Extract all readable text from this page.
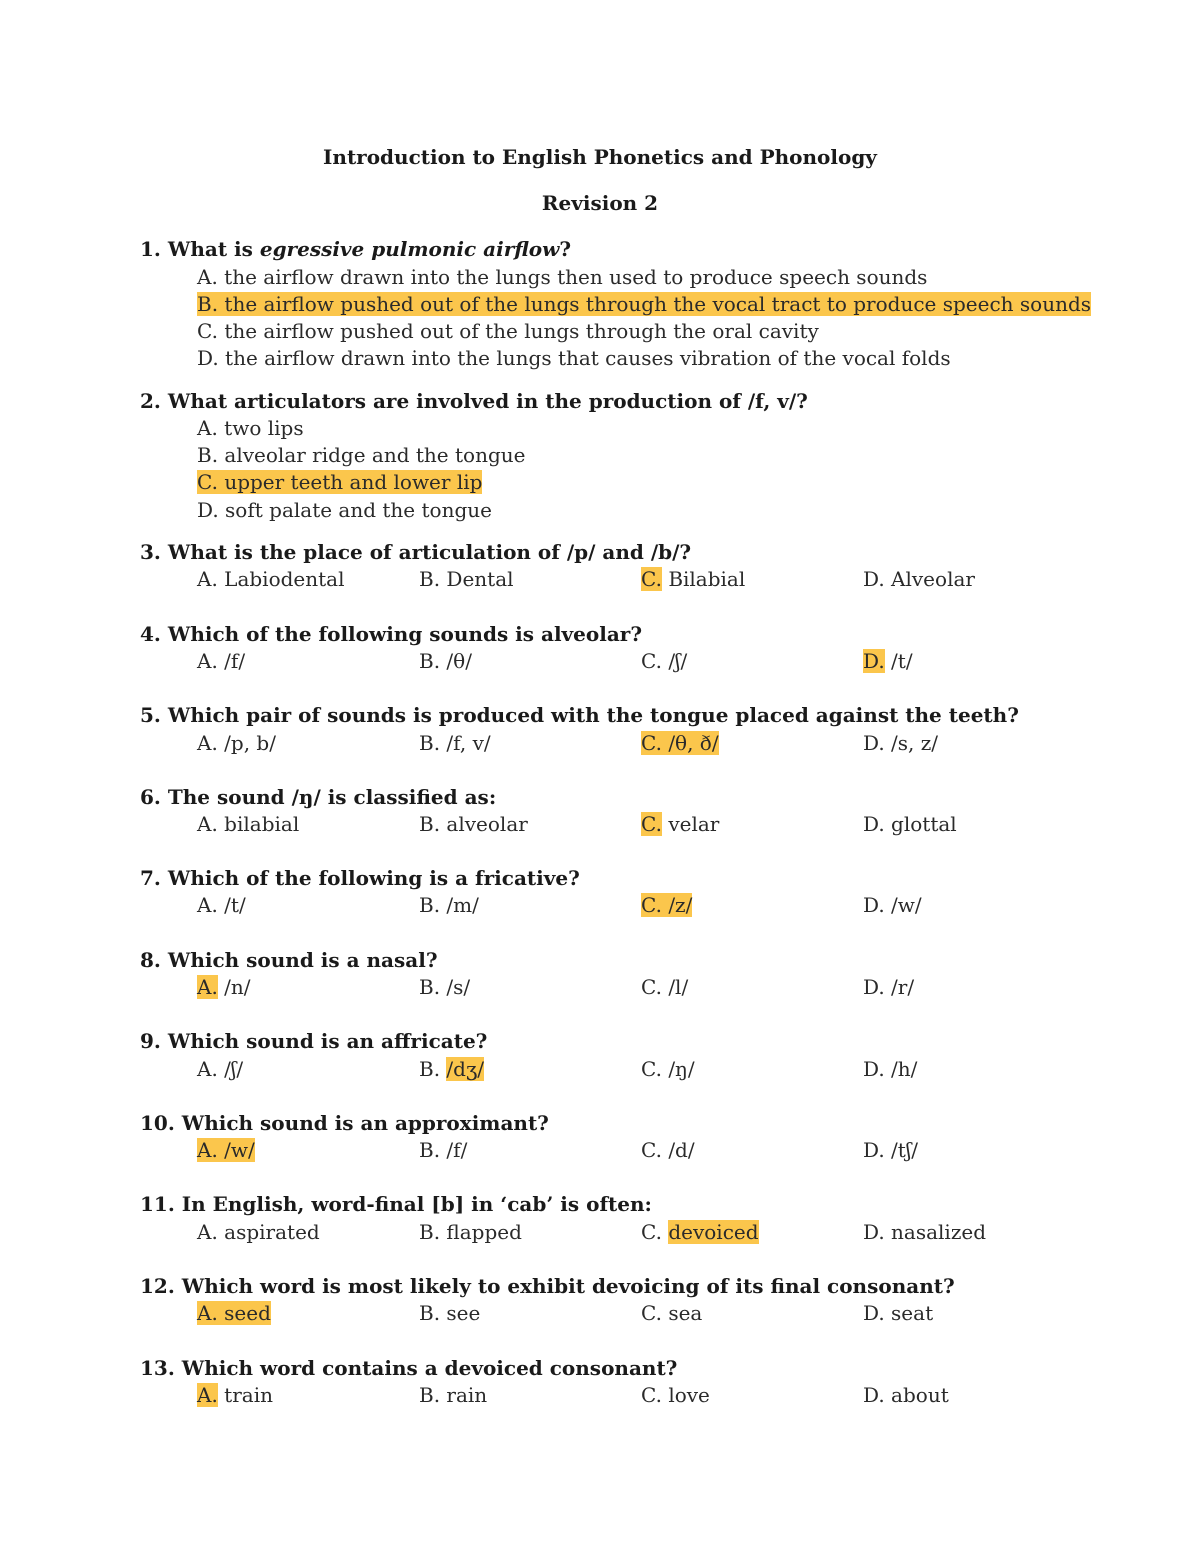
Introduction to English Phonetics and Phonology
Revision 2
1. What is egressive pulmonic airflow?
A. the airflow drawn into the lungs then used to produce speech sounds
B. the airflow pushed out of the lungs through the vocal tract to produce speech sounds
C. the airflow pushed out of the lungs through the oral cavity
D. the airflow drawn into the lungs that causes vibration of the vocal folds
2. What articulators are involved in the production of /f, v/?
A. two lips
B. alveolar ridge and the tongue
C. upper teeth and lower lip
D. soft palate and the tongue
3. What is the place of articulation of /p/ and /b/?
A. Labiodental	B. Dental	C. Bilabial	D. Alveolar
4. Which of the following sounds is alveolar?
A. /f/	B. /θ/	C. /ʃ/	D. /t/
5. Which pair of sounds is produced with the tongue placed against the teeth?
A. /p, b/	B. /f, v/	C. /θ, ð/	D. /s, z/
6. The sound /ŋ/ is classified as:
A. bilabial	B. alveolar	C. velar	D. glottal
7. Which of the following is a fricative?
A. /t/	B. /m/	C. /z/	D. /w/
8. Which sound is a nasal?
A. /n/	B. /s/	C. /l/	D. /r/
9. Which sound is an affricate?
A. /ʃ/	B. /dʒ/	C. /ŋ/	D. /h/
10. Which sound is an approximant?
A. /w/	B. /f/	C. /d/	D. /tʃ/
11. In English, word-final [b] in ‘cab’ is often:
A. aspirated	B. flapped	C. devoiced	D. nasalized
12. Which word is most likely to exhibit devoicing of its final consonant?
A. seed	B. see	C. sea	D. seat
13. Which word contains a devoiced consonant?
A. train	B. rain	C. love	D. about
